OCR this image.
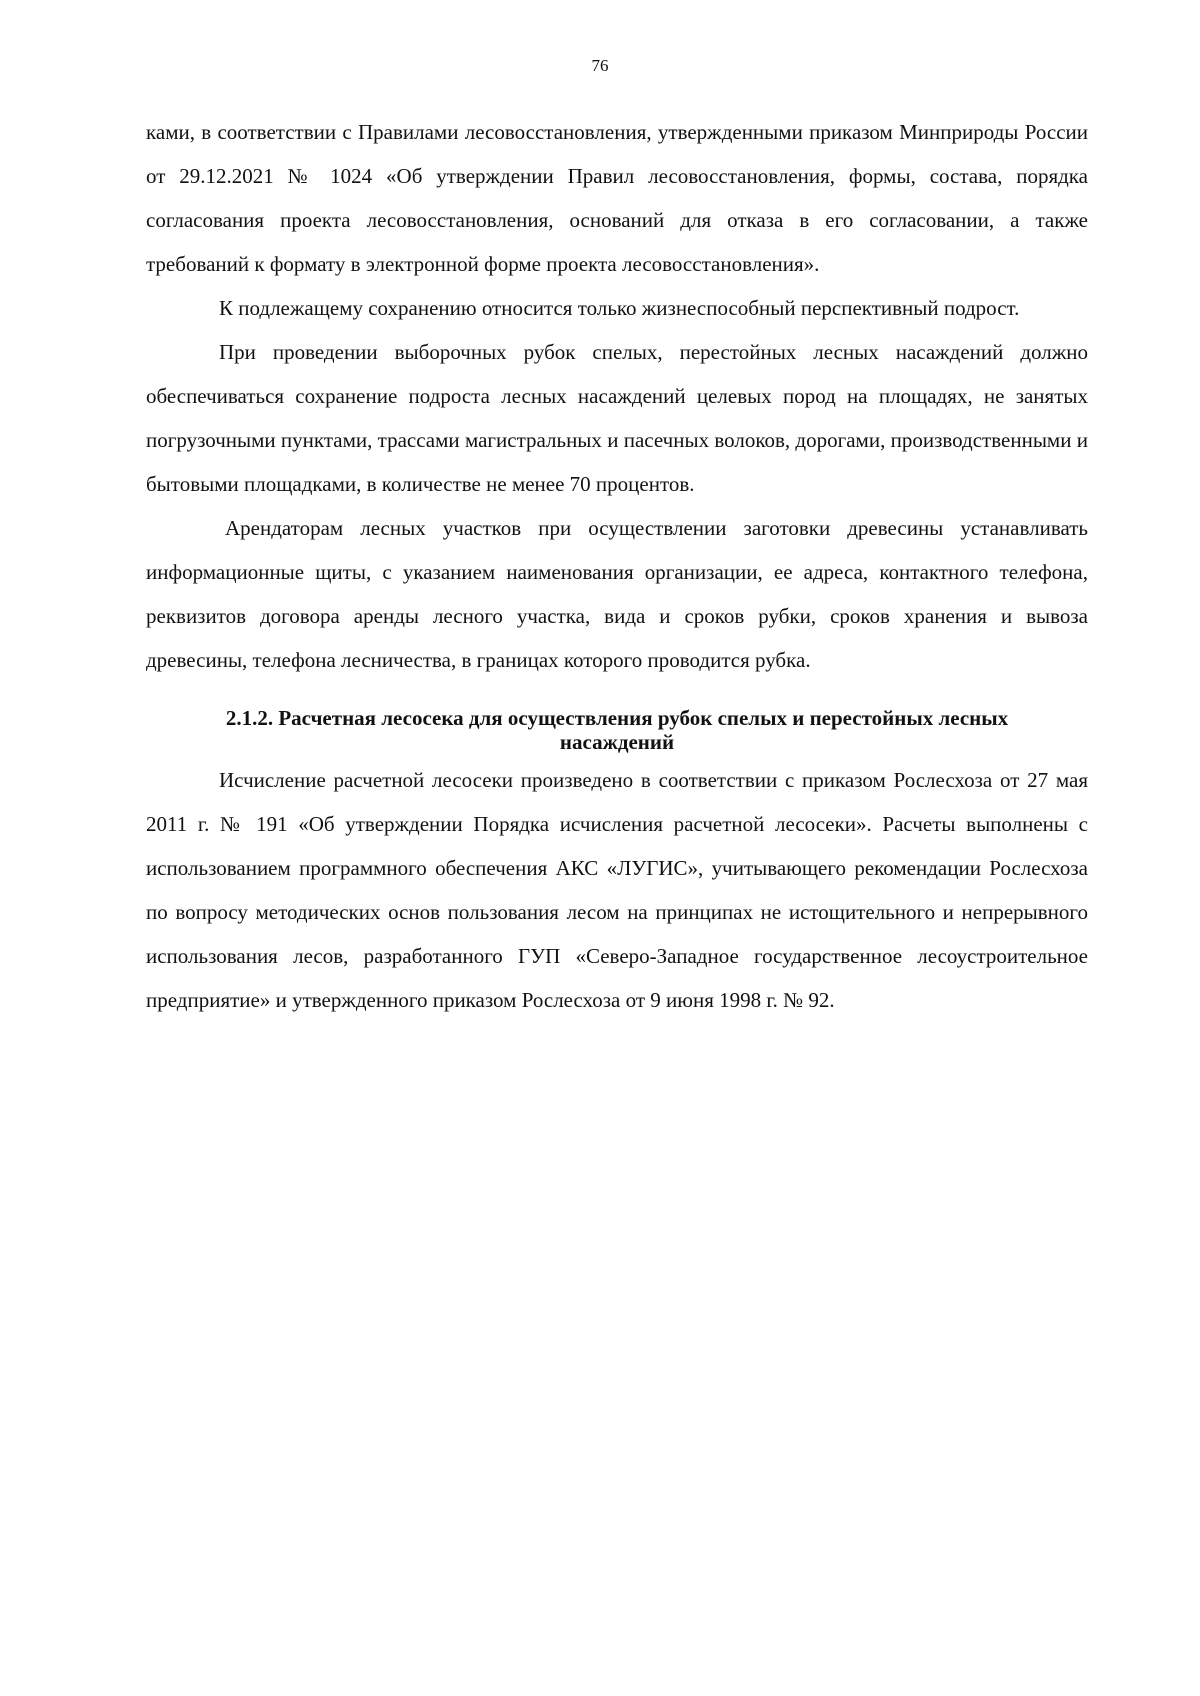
76

ками, в соответствии с Правилами лесовосстановления, утвержденными приказом Минприроды России от 29.12.2021 № 1024 «Об утверждении Правил лесовосстановления, формы, состава, порядка согласования проекта лесовосстановления, оснований для отказа в его согласовании, а также требований к формату в электронной форме проекта лесовосстановления».

К подлежащему сохранению относится только жизнеспособный перспективный подрост.

При проведении выборочных рубок спелых, перестойных лесных насаждений должно обеспечиваться сохранение подроста лесных насаждений целевых пород на площадях, не занятых погрузочными пунктами, трассами магистральных и пасечных волоков, дорогами, производственными и бытовыми площадками, в количестве не менее 70 процентов.

Арендаторам лесных участков при осуществлении заготовки древесины устанавливать информационные щиты, с указанием наименования организации, ее адреса, контактного телефона, реквизитов договора аренды лесного участка, вида и сроков рубки, сроков хранения и вывоза древесины, телефона лесничества, в границах которого проводится рубка.

2.1.2. Расчетная лесосека для осуществления рубок спелых и перестойных лесных насаждений

Исчисление расчетной лесосеки произведено в соответствии с приказом Рослесхоза от 27 мая 2011 г. № 191 «Об утверждении Порядка исчисления расчетной лесосеки». Расчеты выполнены с использованием программного обеспечения АКС «ЛУГИС», учитывающего рекомендации Рослесхоза по вопросу методических основ пользования лесом на принципах не истощительного и непрерывного использования лесов, разработанного ГУП «Северо-Западное государственное лесоустроительное предприятие» и утвержденного приказом Рослесхоза от 9 июня 1998 г. № 92.
